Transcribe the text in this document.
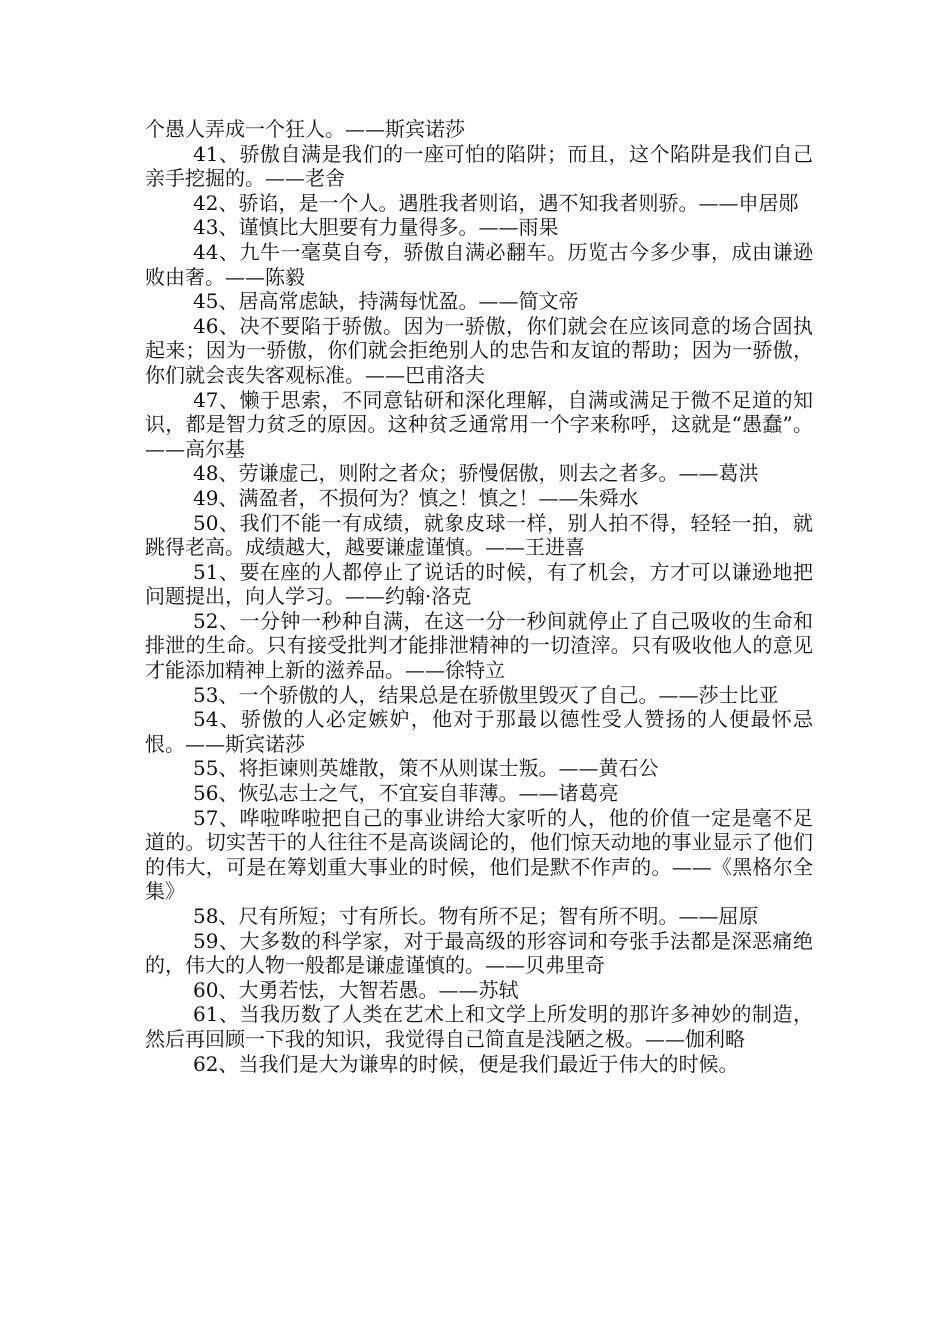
个愚人弄成一个狂人。——斯宾诺莎

41、骄傲自满是我们的一座可怕的陷阱；而且，这个陷阱是我们自己亲手挖掘的。——老舍

42、骄谄，是一个人。遇胜我者则谄，遇不知我者则骄。——申居郧

43、谨慎比大胆要有力量得多。——雨果

44、九牛一毫莫自夸，骄傲自满必翻车。历览古今多少事，成由谦逊败由奢。——陈毅

45、居高常虑缺，持满每忧盈。——简文帝

46、决不要陷于骄傲。因为一骄傲，你们就会在应该同意的场合固执起来；因为一骄傲，你们就会拒绝别人的忠告和友谊的帮助；因为一骄傲，你们就会丧失客观标准。——巴甫洛夫

47、懒于思索，不同意钻研和深化理解，自满或满足于微不足道的知识，都是智力贫乏的原因。这种贫乏通常用一个字来称呼，这就是“愚蠢”。——高尔基

48、劳谦虚己，则附之者众；骄慢倨傲，则去之者多。——葛洪

49、满盈者，不损何为？慎之！慎之！——朱舜水

50、我们不能一有成绩，就象皮球一样，别人拍不得，轻轻一拍，就跳得老高。成绩越大，越要谦虚谨慎。——王进喜

51、要在座的人都停止了说话的时候，有了机会，方才可以谦逊地把问题提出，向人学习。——约翰·洛克

52、一分钟一秒种自满，在这一分一秒间就停止了自己吸收的生命和排泄的生命。只有接受批判才能排泄精神的一切渣滓。只有吸收他人的意见才能添加精神上新的滋养品。——徐特立

53、一个骄傲的人，结果总是在骄傲里毁灭了自己。——莎士比亚

54、骄傲的人必定嫉妒，他对于那最以德性受人赞扬的人便最怀忌恨。——斯宾诺莎

55、将拒谏则英雄散，策不从则谋士叛。——黄石公

56、恢弘志士之气，不宜妄自菲薄。——诸葛亮

57、哗啦哗啦把自己的事业讲给大家听的人，他的价值一定是毫不足道的。切实苦干的人往往不是高谈阔论的，他们惊天动地的事业显示了他们的伟大，可是在筹划重大事业的时候，他们是默不作声的。——《黑格尔全集》

58、尺有所短；寸有所长。物有所不足；智有所不明。——屈原

59、大多数的科学家，对于最高级的形容词和夸张手法都是深恶痛绝的，伟大的人物一般都是谦虚谨慎的。——贝弗里奇

60、大勇若怯，大智若愚。——苏轼

61、当我历数了人类在艺术上和文学上所发明的那许多神妙的制造，然后再回顾一下我的知识，我觉得自己简直是浅陋之极。——伽利略

62、当我们是大为谦卑的时候，便是我们最近于伟大的时候。
